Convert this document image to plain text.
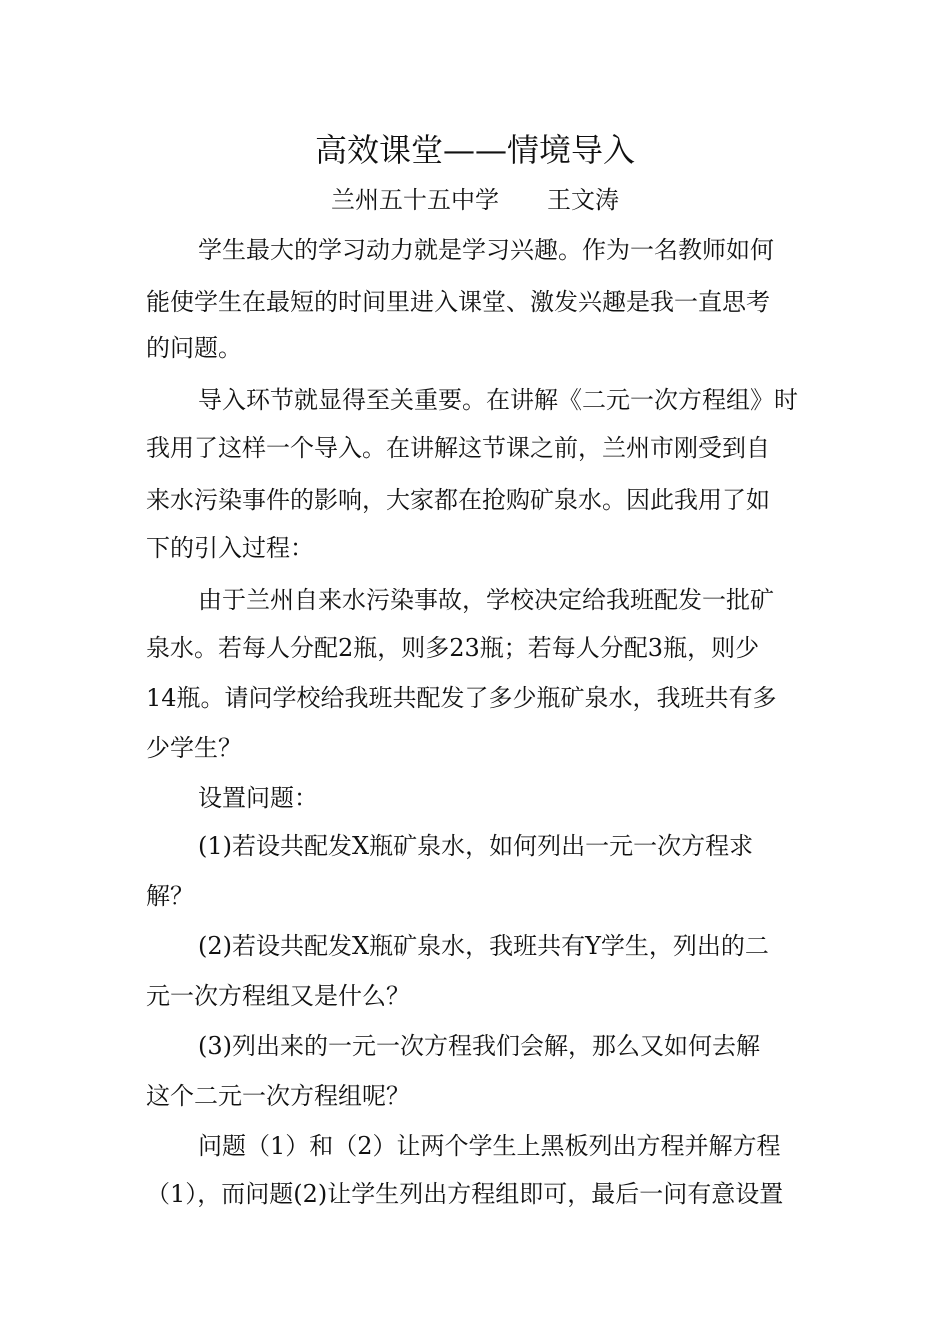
高效课堂——情境导入
兰州五十五中学　　王文涛
学生最大的学习动力就是学习兴趣。作为一名教师如何
能使学生在最短的时间里进入课堂、激发兴趣是我一直思考
的问题。
导入环节就显得至关重要。在讲解《二元一次方程组》时
我用了这样一个导入。在讲解这节课之前，兰州市刚受到自
来水污染事件的影响，大家都在抢购矿泉水。因此我用了如
下的引入过程：
由于兰州自来水污染事故，学校决定给我班配发一批矿
泉水。若每人分配2瓶，则多23瓶；若每人分配3瓶，则少
14瓶。请问学校给我班共配发了多少瓶矿泉水，我班共有多
少学生？
设置问题：
(1)若设共配发X瓶矿泉水，如何列出一元一次方程求
解？
(2)若设共配发X瓶矿泉水，我班共有Y学生，列出的二
元一次方程组又是什么？
(3)列出来的一元一次方程我们会解，那么又如何去解
这个二元一次方程组呢？
问题（1）和（2）让两个学生上黑板列出方程并解方程
（1），而问题(2)让学生列出方程组即可，最后一问有意设置
